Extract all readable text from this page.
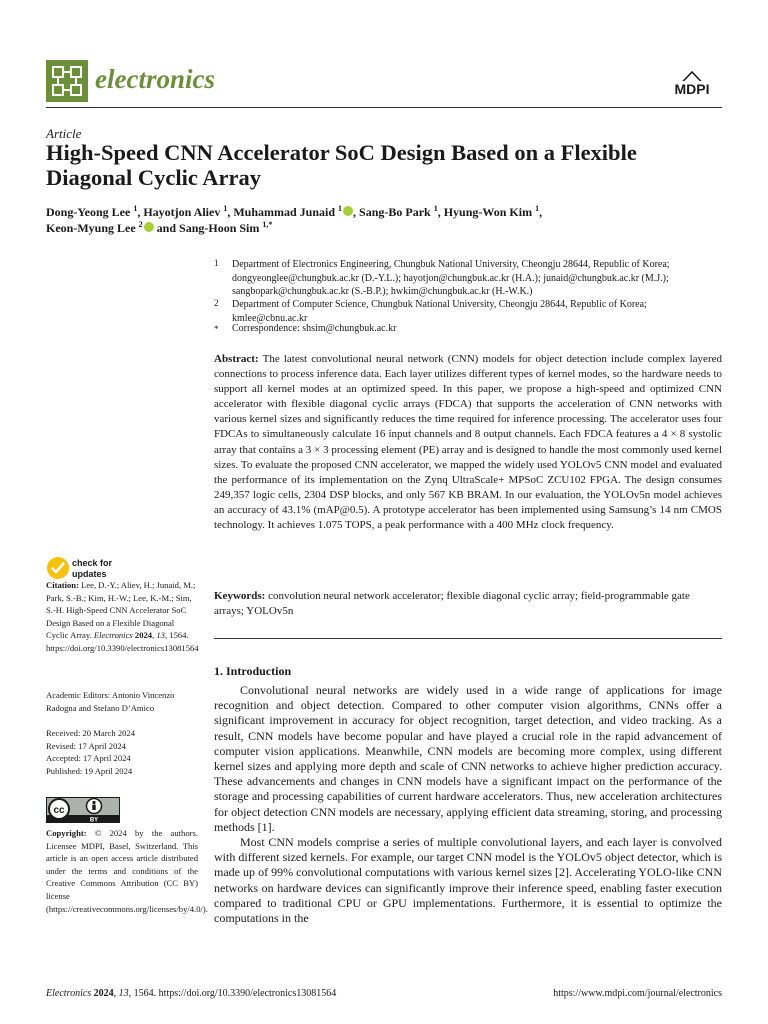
electronics	MDPI
Article
High-Speed CNN Accelerator SoC Design Based on a Flexible Diagonal Cyclic Array
Dong-Yeong Lee $^1$, Hayotjon Aliev $^1$, Muhammad Junaid $^1$ , Sang-Bo Park $^1$, Hyung-Won Kim $^1$,
Keon-Myung Lee $^2$ and Sang-Hoon Sim $^{1,*}$
1 Department of Electronics Engineering, Chungbuk National University, Cheongju 28644, Republic of Korea; dongyeonglee@chungbuk.ac.kr (D.-Y.L.); hayotjon@chungbuk.ac.kr (H.A.); junaid@chungbuk.ac.kr (M.J.); sangbopark@chungbuk.ac.kr (S.-B.P.); hwkim@chungbuk.ac.kr (H.-W.K.)
2 Department of Computer Science, Chungbuk National University, Cheongju 28644, Republic of Korea; kmlee@cbnu.ac.kr
* Correspondence: shsim@chungbuk.ac.kr
Abstract: The latest convolutional neural network (CNN) models for object detection include complex layered connections to process inference data. Each layer utilizes different types of kernel modes, so the hardware needs to support all kernel modes at an optimized speed. In this paper, we propose a high-speed and optimized CNN accelerator with flexible diagonal cyclic arrays (FDCA) that supports the acceleration of CNN networks with various kernel sizes and significantly reduces the time required for inference processing. The accelerator uses four FDCAs to simultaneously calculate 16 input channels and 8 output channels. Each FDCA features a 4 × 8 systolic array that contains a 3 × 3 processing element (PE) array and is designed to handle the most commonly used kernel sizes. To evaluate the proposed CNN accelerator, we mapped the widely used YOLOv5 CNN model and evaluated the performance of its implementation on the Zynq UltraScale+ MPSoC ZCU102 FPGA. The design consumes 249,357 logic cells, 2304 DSP blocks, and only 567 KB BRAM. In our evaluation, the YOLOv5n model achieves an accuracy of 43.1% (mAP@0.5). A prototype accelerator has been implemented using Samsung’s 14 nm CMOS technology. It achieves 1.075 TOPS, a peak performance with a 400 MHz clock frequency.
Keywords: convolution neural network accelerator; flexible diagonal cyclic array; field-programmable gate arrays; YOLOv5n
1. Introduction

Convolutional neural networks are widely used in a wide range of applications for image recognition and object detection. Compared to other computer vision algorithms, CNNs offer a significant improvement in accuracy for object recognition, target detection, and video tracking. As a result, CNN models have become popular and have played a crucial role in the rapid advancement of computer vision applications. Meanwhile, CNN models are becoming more complex, using different kernel sizes and applying more depth and scale of CNN networks to achieve higher prediction accuracy. These advancements and changes in CNN models have a significant impact on the performance of the storage and processing capabilities of current hardware accelerators. Thus, new acceleration architectures for object detection CNN models are necessary, applying efficient data streaming, storing, and processing methods [1].

Most CNN models comprise a series of multiple convolutional layers, and each layer is convolved with different sized kernels. For example, our target CNN model is the YOLOv5 object detector, which is made up of 99% convolutional computations with various kernel sizes [2]. Accelerating YOLO-like CNN networks on hardware devices can significantly improve their inference speed, enabling faster execution compared to traditional CPU or GPU implementations. Furthermore, it is essential to optimize the computations in the

check for
updates
Citation: Lee, D.-Y.; Aliev, H.; Junaid, M.; Park, S.-B.; Kim, H.-W.; Lee, K.-M.; Sim, S.-H. High-Speed CNN Accelerator SoC Design Based on a Flexible Diagonal Cyclic Array. Electronics 2024, 13, 1564. https://doi.org/10.3390/electronics13081564
Academic Editors: Antonio Vincenzo Radogna and Stefano D’Amico
Received: 20 March 2024
Revised: 17 April 2024
Accepted: 17 April 2024
Published: 19 April 2024
cc
BY
Copyright: © 2024 by the authors. Licensee MDPI, Basel, Switzerland. This article is an open access article distributed under the terms and conditions of the Creative Commons Attribution (CC BY) license (https://creativecommons.org/licenses/by/4.0/).
Electronics 2024, 13, 1564. https://doi.org/10.3390/electronics13081564	https://www.mdpi.com/journal/electronics
